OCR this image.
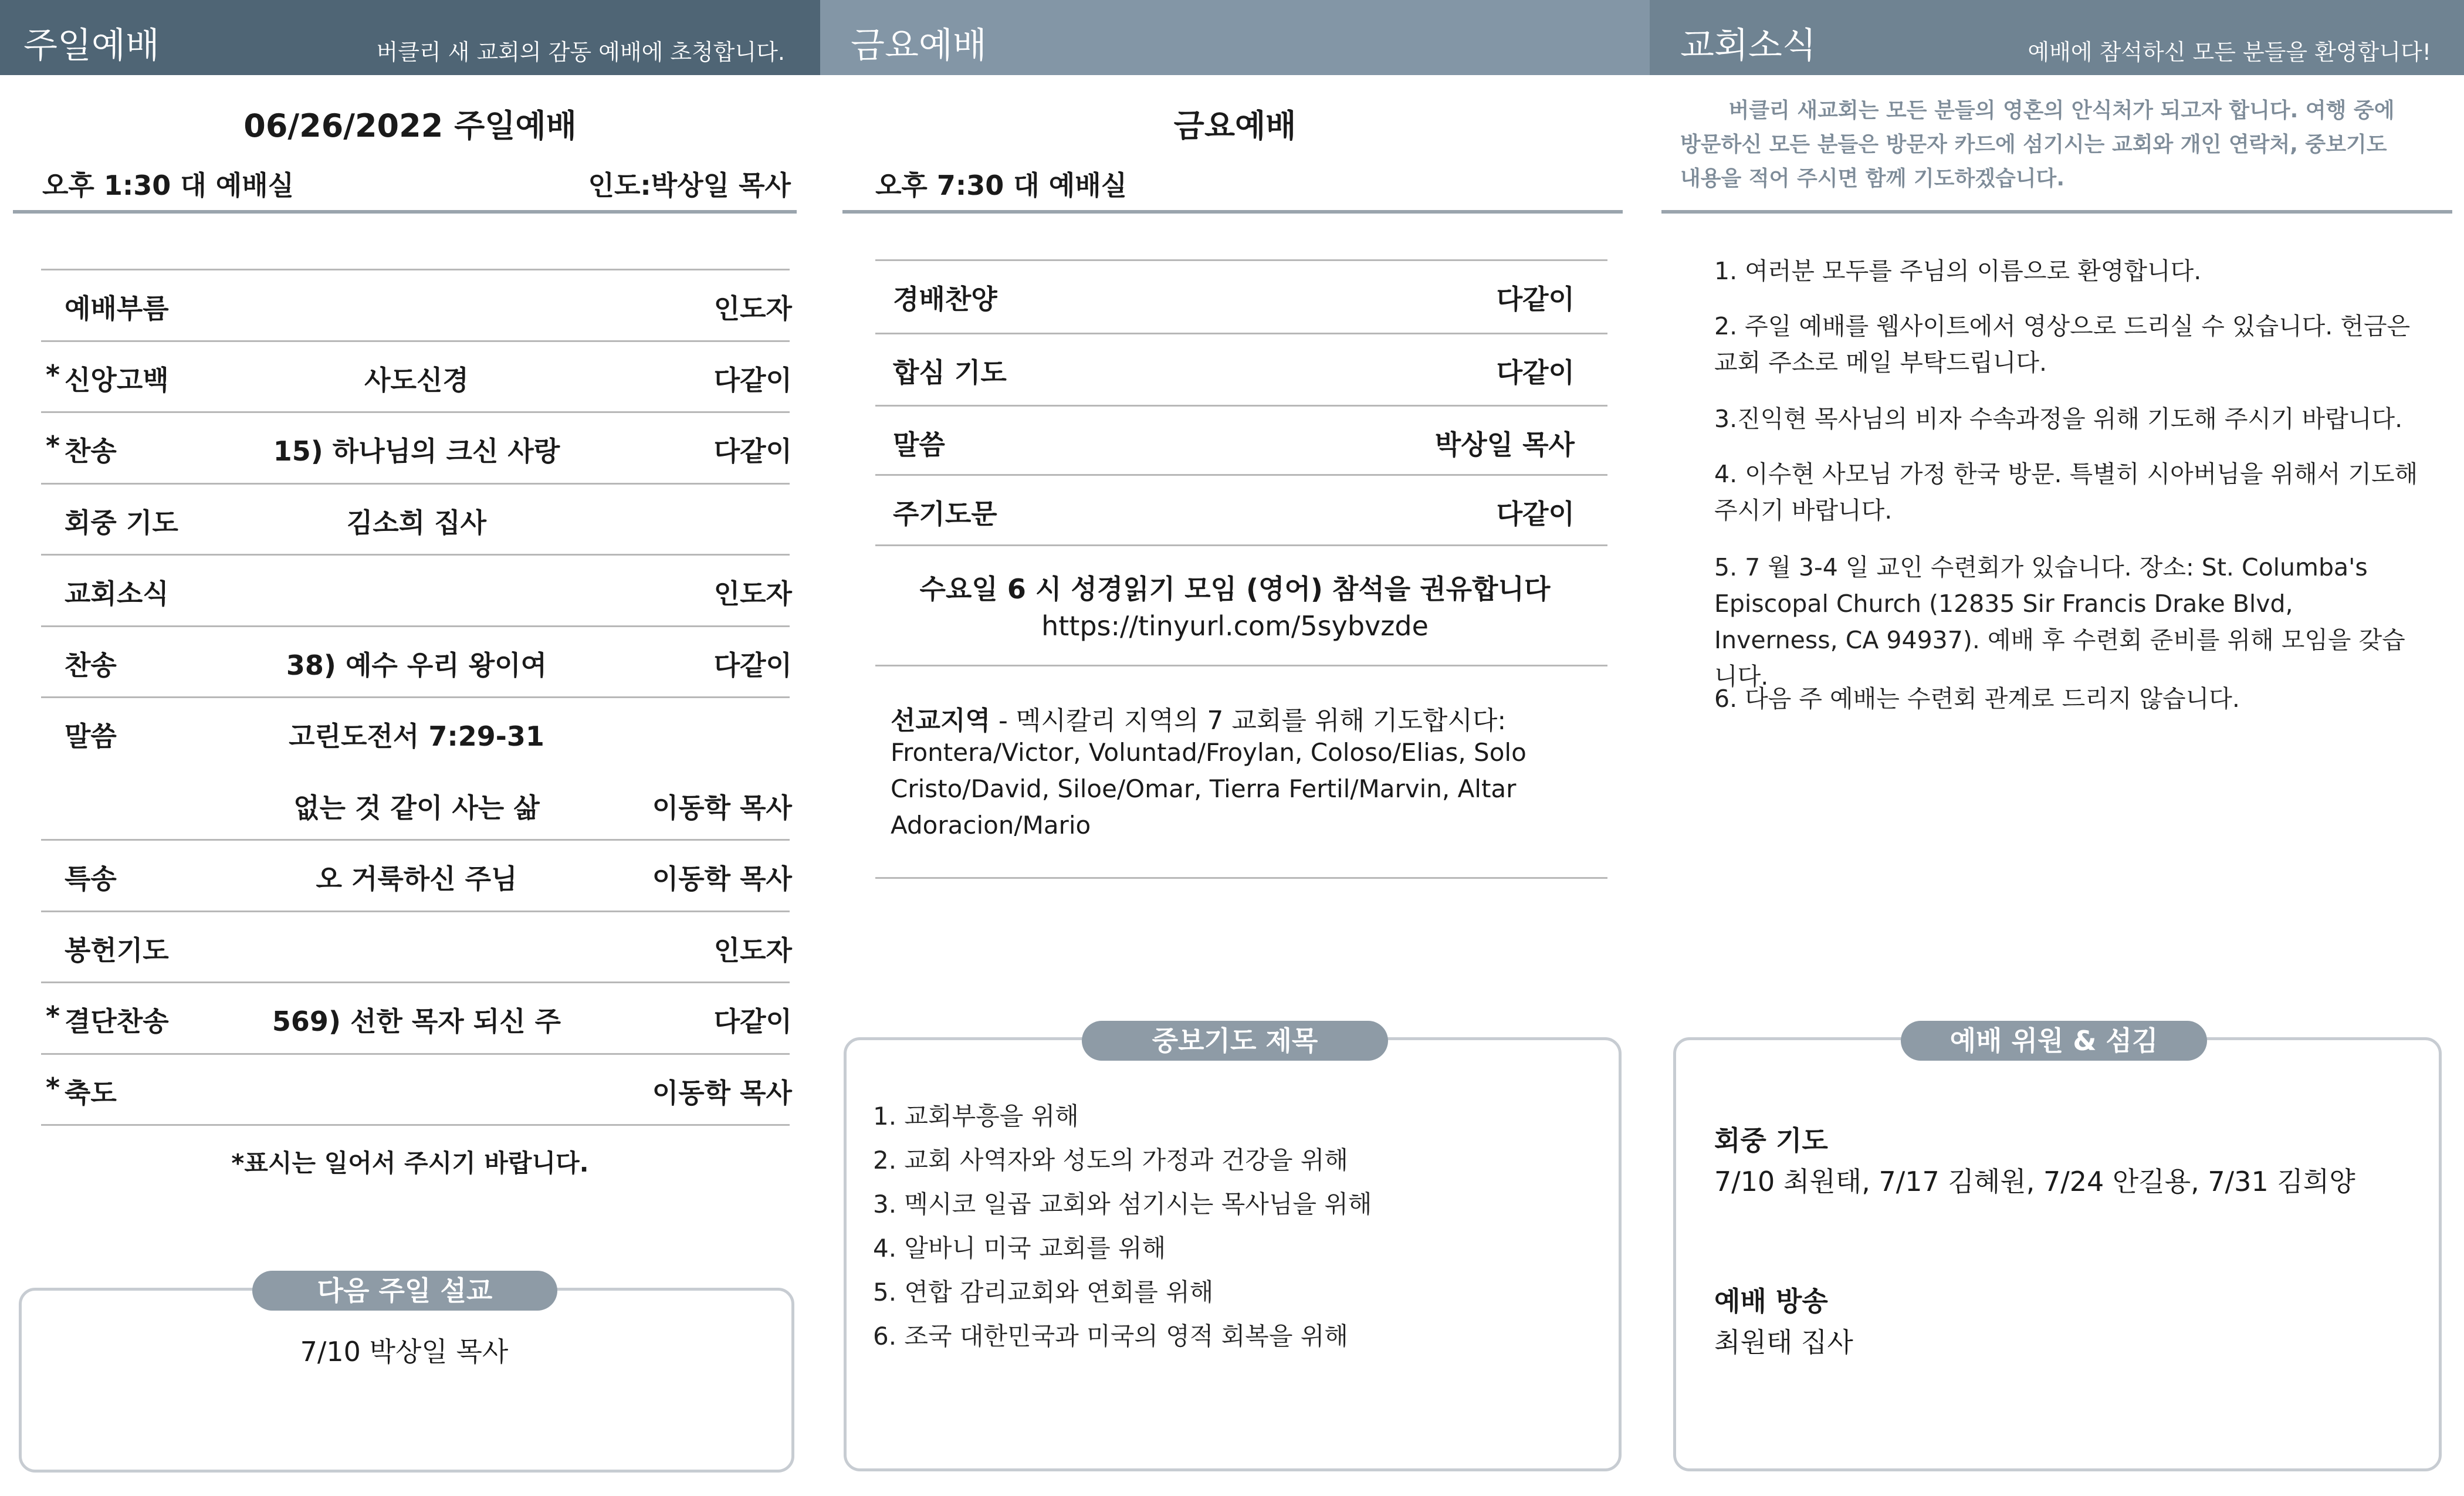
주일예배	버클리 새 교회의 감동 예배에 초청합니다.
06/26/2022 주일예배
오후 1:30 대 예배실	인도:박상일 목사
*표시는 일어서 주시기 바랍니다.
다음 주일 설교
7/10 박상일 목사
예배부름	인도자
* 신앙고백	사도신경	다같이
* 찬송	15) 하나님의 크신 사랑	다같이
회중 기도	김소희 집사
교회소식	인도자
찬송	38) 예수 우리 왕이여	다같이
말씀	고린도전서 7:29-31
없는 것 같이 사는 삶	이동학 목사
특송	오 거룩하신 주님	이동학 목사
봉헌기도	인도자
* 결단찬송	569) 선한 목자 되신 주	다같이
* 축도	이동학 목사
금요예배
금요예배
오후 7:30 대 예배실
수요일 6 시 성경읽기 모임 (영어) 참석을 권유합니다
https://tinyurl.com/5sybvzde
선교지역 - 멕시칼리 지역의 7 교회를 위해 기도합시다:
Frontera/Victor, Voluntad/Froylan, Coloso/Elias, Solo
Cristo/David, Siloe/Omar, Tierra Fertil/Marvin, Altar
Adoracion/Mario
중보기도 제목
1. 교회부흥을 위해
2. 교회 사역자와 성도의 가정과 건강을 위해
3. 멕시코 일곱 교회와 섬기시는 목사님을 위해
4. 알바니 미국 교회를 위해
5. 연합 감리교회와 연회를 위해
6. 조국 대한민국과 미국의 영적 회복을 위해
경배찬양	다같이
합심 기도	다같이
말씀	박상일 목사
주기도문	다같이
교회소식	예배에 참석하신 모든 분들을 환영합니다!
버클리 새교회는 모든 분들의 영혼의 안식처가 되고자 합니다. 여행 중에
방문하신 모든 분들은 방문자 카드에 섬기시는 교회와 개인 연락처, 중보기도
내용을 적어 주시면 함께 기도하겠습니다.
1. 여러분 모두를 주님의 이름으로 환영합니다.
2. 주일 예배를 웹사이트에서 영상으로 드리실 수 있습니다. 헌금은 교회 주소로 메일 부탁드립니다.
3.진익현 목사님의 비자 수속과정을 위해 기도해 주시기 바랍니다.
4. 이수현 사모님 가정 한국 방문. 특별히 시아버님을 위해서 기도해 주시기 바랍니다.
5. 7 월 3-4 일 교인 수련회가 있습니다. 장소: St. Columba's Episcopal Church (12835 Sir Francis Drake Blvd, Inverness, CA 94937). 예배 후 수련회 준비를 위해 모임을 갖습니다.
6. 다음 주 예배는 수련회 관계로 드리지 않습니다.
예배 위원 & 섬김
회중 기도
7/10 최원태, 7/17 김혜원, 7/24 안길용, 7/31 김희양
예배 방송
최원태 집사
